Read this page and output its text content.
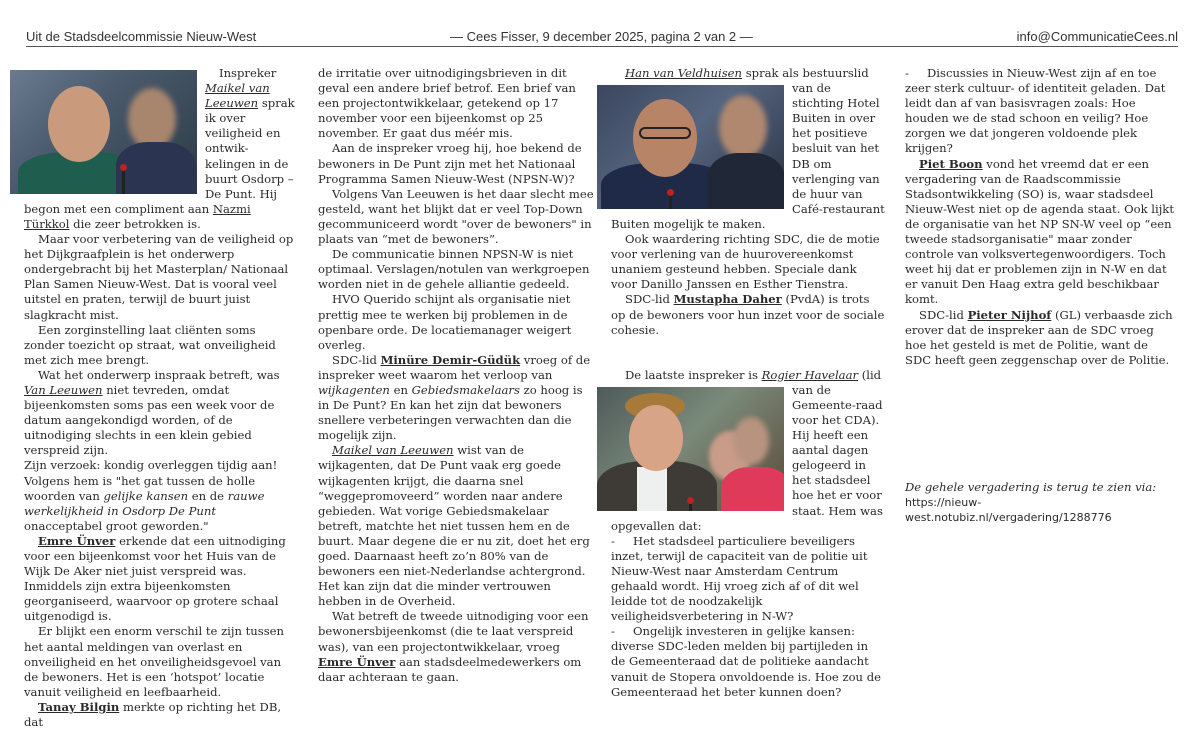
Uit de Stadsdeelcommissie Nieuw-West	— Cees Fisser, 9 december 2025, pagina 2 van 2 —	info@CommunicatieCees.nl

Inspreker Maikel van Leeuwen sprak ik over veiligheid en ontwik-kelingen in de buurt Osdorp – De Punt. Hij begon met een compliment aan Nazmi Türkkol die zeer betrokken is.

Maar voor verbetering van de veiligheid op het Dijkgraafplein is het onderwerp ondergebracht bij het Masterplan/ Nationaal Plan Samen Nieuw-West. Dat is vooral veel uitstel en praten, terwijl de buurt juist slagkracht mist.

Een zorginstelling laat cliënten soms zonder toezicht op straat, wat onveiligheid met zich mee brengt.

Wat het onderwerp inspraak betreft, was Van Leeuwen niet tevreden, omdat bijeenkomsten soms pas een week voor de datum aangekondigd worden, of de uitnodiging slechts in een klein gebied verspreid zijn.

Zijn verzoek: kondig overleggen tijdig aan! Volgens hem is "het gat tussen de holle woorden van gelijke kansen en de rauwe werkelijkheid in Osdorp De Punt onacceptabel groot geworden."

Emre Ünver erkende dat een uitnodiging voor een bijeenkomst voor het Huis van de Wijk De Aker niet juist verspreid was. Inmiddels zijn extra bijeenkomsten georganiseerd, waarvoor op grotere schaal uitgenodigd is.

Er blijkt een enorm verschil te zijn tussen het aantal meldingen van overlast en onveiligheid en het onveiligheidsgevoel van de bewoners. Het is een ‘hotspot’ locatie vanuit veiligheid en leefbaarheid.

Tanay Bilgin merkte op richting het DB, dat

de irritatie over uitnodigingsbrieven in dit geval een andere brief betrof. Een brief van een projectontwikkelaar, getekend op 17 november voor een bijeenkomst op 25 november. Er gaat dus méér mis.

Aan de inspreker vroeg hij, hoe bekend de bewoners in De Punt zijn met het Nationaal Programma Samen Nieuw-West (NPSN-W)?

Volgens Van Leeuwen is het daar slecht mee gesteld, want het blijkt dat er veel Top-Down gecommuniceerd wordt "over de bewoners" in plaats van “met de bewoners”.

De communicatie binnen NPSN-W is niet optimaal. Verslagen/notulen van werkgroepen worden niet in de gehele alliantie gedeeld.

HVO Querido schijnt als organisatie niet prettig mee te werken bij problemen in de openbare orde. De locatiemanager weigert overleg.

SDC-lid Minüre Demir-Güdük vroeg of de inspreker weet waarom het verloop van wijkagenten en Gebiedsmakelaars zo hoog is in De Punt? En kan het zijn dat bewoners snellere verbeteringen verwachten dan die mogelijk zijn.

Maikel van Leeuwen wist van de wijkagenten, dat De Punt vaak erg goede wijkagenten krijgt, die daarna snel “weggepromoveerd” worden naar andere gebieden. Wat vorige Gebiedsmakelaar betreft, matchte het niet tussen hem en de buurt. Maar degene die er nu zit, doet het erg goed. Daarnaast heeft zo’n 80% van de bewoners een niet-Nederlandse achtergrond. Het kan zijn dat die minder vertrouwen hebben in de Overheid.

Wat betreft de tweede uitnodiging voor een bewonersbijeenkomst (die te laat verspreid was), van een projectontwikkelaar, vroeg Emre Ünver aan stadsdeelmedewerkers om daar achteraan te gaan.

Han van Veldhuisen
sprak als bestuurslid van de stichting Hotel Buiten in over het positieve besluit van het DB om verlenging van de huur van Café-restaurant Buiten mogelijk te maken.

Ook waardering richting SDC, die de motie voor verlening van de huurovereenkomst unaniem gesteund hebben. Speciale dank voor Danillo Janssen en Esther Tienstra.

SDC-lid Mustapha Daher (PvdA) is trots op de bewoners voor hun inzet voor de sociale cohesie.

De laatste inspreker is Rogier Havelaar
(lid van de Gemeente-raad voor het CDA). Hij heeft een aantal dagen gelogeerd in het stadsdeel hoe het er voor staat. Hem was opgevallen dat:

- Het stadsdeel particuliere beveiligers inzet, terwijl de capaciteit van de politie uit Nieuw-West naar Amsterdam Centrum gehaald wordt. Hij vroeg zich af of dit wel leidde tot de noodzakelijk veiligheidsverbetering in N-W?

- Ongelijk investeren in gelijke kansen: diverse SDC-leden melden bij partijleden in de Gemeenteraad dat de politieke aandacht vanuit de Stopera onvoldoende is. Hoe zou de Gemeenteraad het beter kunnen doen?

- Discussies in Nieuw-West zijn af en toe zeer sterk cultuur- of identiteit geladen. Dat leidt dan af van basisvragen zoals: Hoe houden we de stad schoon en veilig? Hoe zorgen we dat jongeren voldoende plek krijgen?

Piet Boon vond het vreemd dat er een vergadering van de Raadscommissie Stadsontwikkeling (SO) is, waar stadsdeel Nieuw-West niet op de agenda staat. Ook lijkt de organisatie van het NP SN-W veel op “een tweede stadsorganisatie" maar zonder controle van volksvertegenwoordigers. Toch weet hij dat er problemen zijn in N-W en dat er vanuit Den Haag extra geld beschikbaar komt.

SDC-lid Pieter Nijhof (GL) verbaasde zich erover dat de inspreker aan de SDC vroeg hoe het gesteld is met de Politie, want de SDC heeft geen zeggenschap over de Politie.

De gehele vergadering is terug te zien via:

https://nieuw-west.notubiz.nl/vergadering/1288776
